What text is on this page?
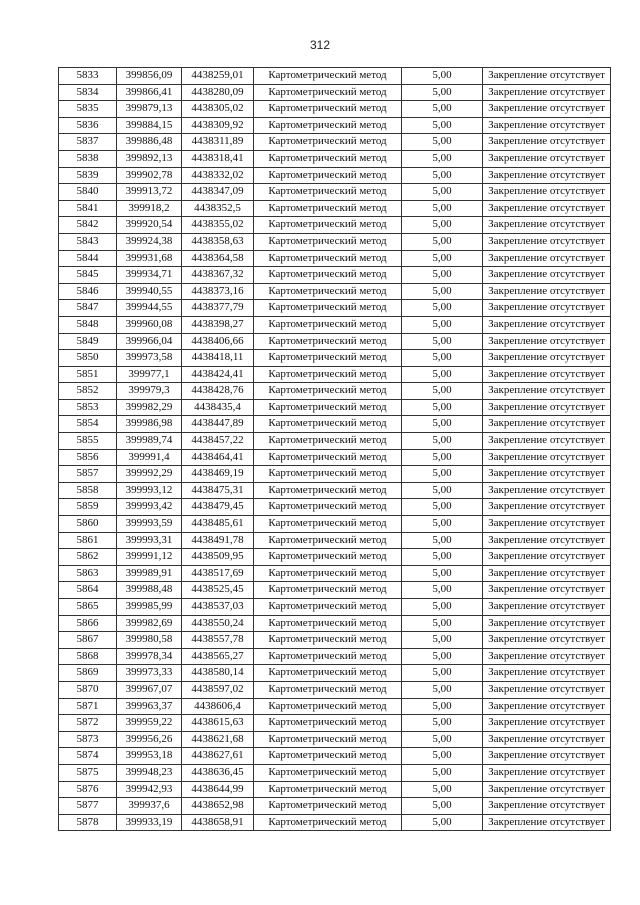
312
5833	399856,09	4438259,01	Картометрический метод	5,00	Закрепление отсутствует
5834	399866,41	4438280,09	Картометрический метод	5,00	Закрепление отсутствует
5835	399879,13	4438305,02	Картометрический метод	5,00	Закрепление отсутствует
5836	399884,15	4438309,92	Картометрический метод	5,00	Закрепление отсутствует
5837	399886,48	4438311,89	Картометрический метод	5,00	Закрепление отсутствует
5838	399892,13	4438318,41	Картометрический метод	5,00	Закрепление отсутствует
5839	399902,78	4438332,02	Картометрический метод	5,00	Закрепление отсутствует
5840	399913,72	4438347,09	Картометрический метод	5,00	Закрепление отсутствует
5841	399918,2	4438352,5	Картометрический метод	5,00	Закрепление отсутствует
5842	399920,54	4438355,02	Картометрический метод	5,00	Закрепление отсутствует
5843	399924,38	4438358,63	Картометрический метод	5,00	Закрепление отсутствует
5844	399931,68	4438364,58	Картометрический метод	5,00	Закрепление отсутствует
5845	399934,71	4438367,32	Картометрический метод	5,00	Закрепление отсутствует
5846	399940,55	4438373,16	Картометрический метод	5,00	Закрепление отсутствует
5847	399944,55	4438377,79	Картометрический метод	5,00	Закрепление отсутствует
5848	399960,08	4438398,27	Картометрический метод	5,00	Закрепление отсутствует
5849	399966,04	4438406,66	Картометрический метод	5,00	Закрепление отсутствует
5850	399973,58	4438418,11	Картометрический метод	5,00	Закрепление отсутствует
5851	399977,1	4438424,41	Картометрический метод	5,00	Закрепление отсутствует
5852	399979,3	4438428,76	Картометрический метод	5,00	Закрепление отсутствует
5853	399982,29	4438435,4	Картометрический метод	5,00	Закрепление отсутствует
5854	399986,98	4438447,89	Картометрический метод	5,00	Закрепление отсутствует
5855	399989,74	4438457,22	Картометрический метод	5,00	Закрепление отсутствует
5856	399991,4	4438464,41	Картометрический метод	5,00	Закрепление отсутствует
5857	399992,29	4438469,19	Картометрический метод	5,00	Закрепление отсутствует
5858	399993,12	4438475,31	Картометрический метод	5,00	Закрепление отсутствует
5859	399993,42	4438479,45	Картометрический метод	5,00	Закрепление отсутствует
5860	399993,59	4438485,61	Картометрический метод	5,00	Закрепление отсутствует
5861	399993,31	4438491,78	Картометрический метод	5,00	Закрепление отсутствует
5862	399991,12	4438509,95	Картометрический метод	5,00	Закрепление отсутствует
5863	399989,91	4438517,69	Картометрический метод	5,00	Закрепление отсутствует
5864	399988,48	4438525,45	Картометрический метод	5,00	Закрепление отсутствует
5865	399985,99	4438537,03	Картометрический метод	5,00	Закрепление отсутствует
5866	399982,69	4438550,24	Картометрический метод	5,00	Закрепление отсутствует
5867	399980,58	4438557,78	Картометрический метод	5,00	Закрепление отсутствует
5868	399978,34	4438565,27	Картометрический метод	5,00	Закрепление отсутствует
5869	399973,33	4438580,14	Картометрический метод	5,00	Закрепление отсутствует
5870	399967,07	4438597,02	Картометрический метод	5,00	Закрепление отсутствует
5871	399963,37	4438606,4	Картометрический метод	5,00	Закрепление отсутствует
5872	399959,22	4438615,63	Картометрический метод	5,00	Закрепление отсутствует
5873	399956,26	4438621,68	Картометрический метод	5,00	Закрепление отсутствует
5874	399953,18	4438627,61	Картометрический метод	5,00	Закрепление отсутствует
5875	399948,23	4438636,45	Картометрический метод	5,00	Закрепление отсутствует
5876	399942,93	4438644,99	Картометрический метод	5,00	Закрепление отсутствует
5877	399937,6	4438652,98	Картометрический метод	5,00	Закрепление отсутствует
5878	399933,19	4438658,91	Картометрический метод	5,00	Закрепление отсутствует
